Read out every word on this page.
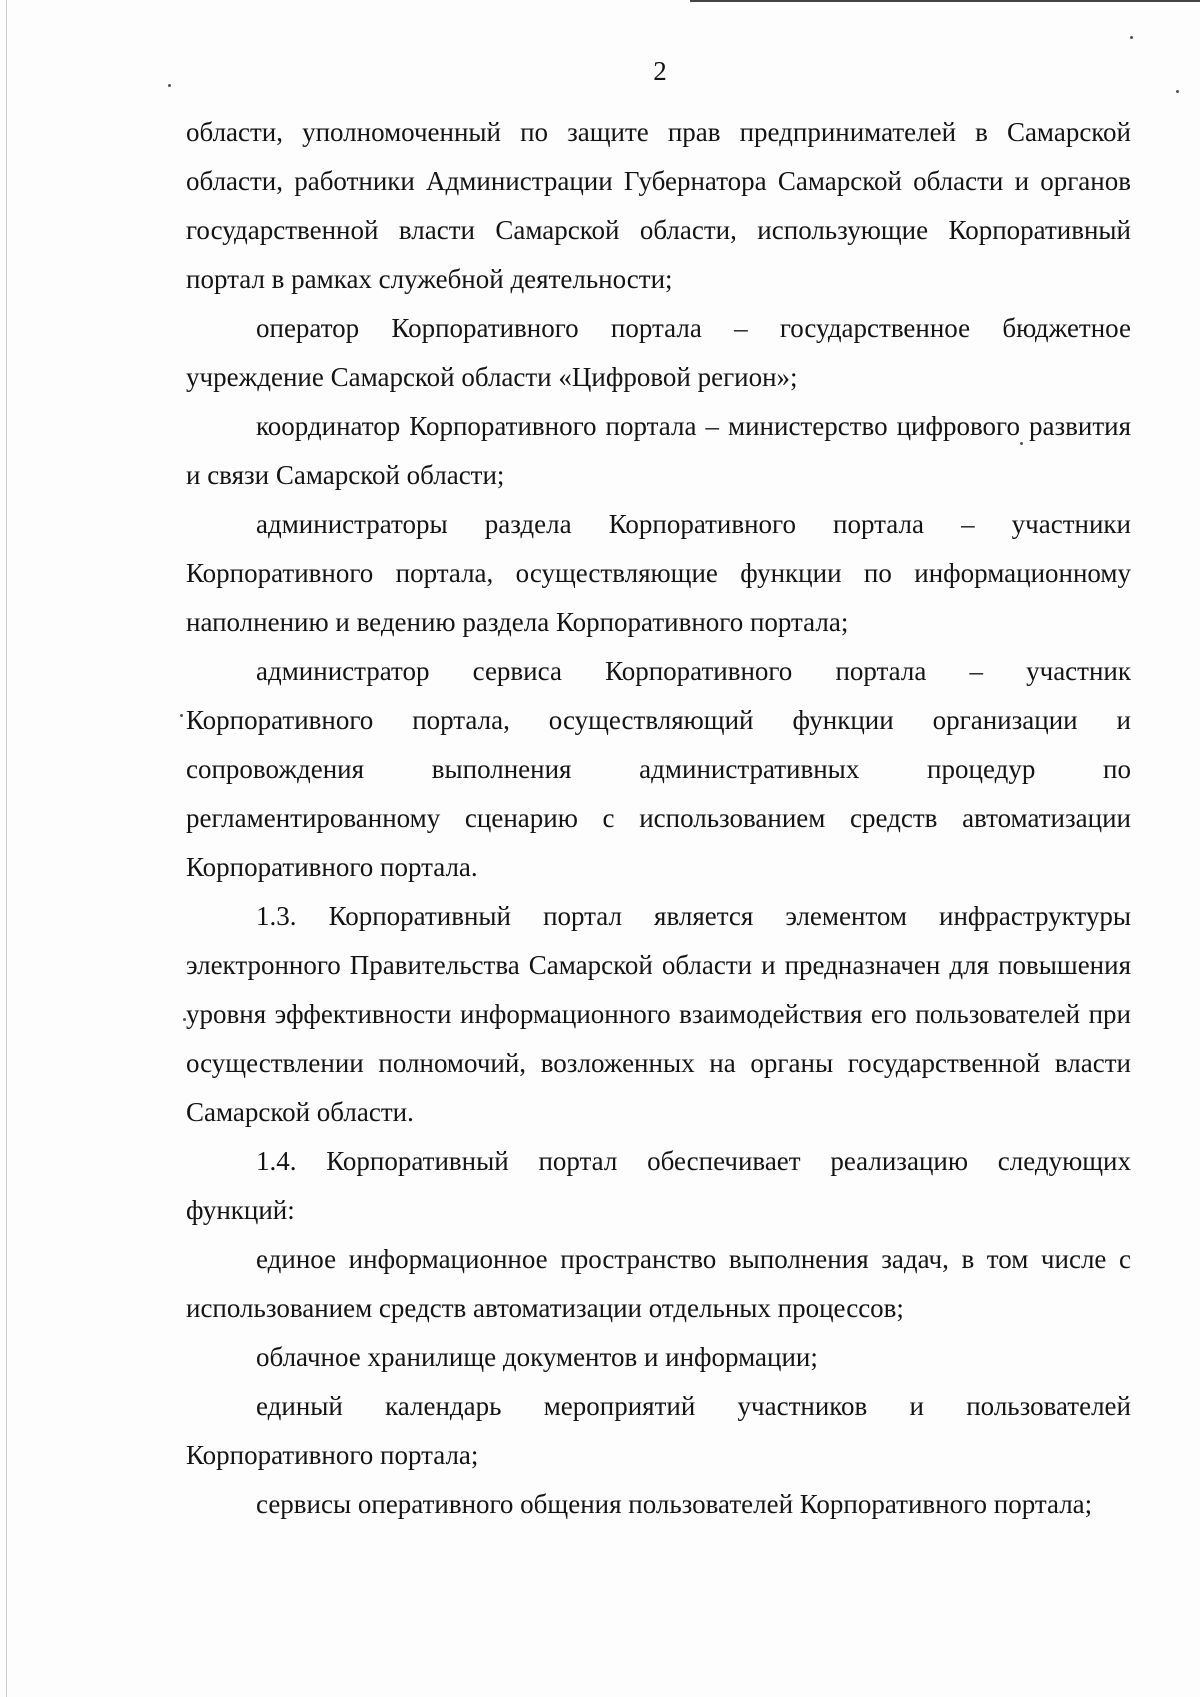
2

области, уполномоченный по защите прав предпринимателей в Самарской области, работники Администрации Губернатора Самарской области и органов государственной власти Самарской области, использующие Корпоративный портал в рамках служебной деятельности;

оператор Корпоративного портала – государственное бюджетное учреждение Самарской области «Цифровой регион»;

координатор Корпоративного портала – министерство цифрового развития и связи Самарской области;

администраторы раздела Корпоративного портала – участники Корпоративного портала, осуществляющие функции по информационному наполнению и ведению раздела Корпоративного портала;

администратор сервиса Корпоративного портала – участник Корпоративного портала, осуществляющий функции организации и сопровождения выполнения административных процедур по регламентированному сценарию с использованием средств автоматизации Корпоративного портала.

1.3. Корпоративный портал является элементом инфраструктуры электронного Правительства Самарской области и предназначен для повышения уровня эффективности информационного взаимодействия его пользователей при осуществлении полномочий, возложенных на органы государственной власти Самарской области.

1.4. Корпоративный портал обеспечивает реализацию следующих функций:

единое информационное пространство выполнения задач, в том числе с использованием средств автоматизации отдельных процессов;

облачное хранилище документов и информации;

единый календарь мероприятий участников и пользователей Корпоративного портала;

сервисы оперативного общения пользователей Корпоративного портала;
